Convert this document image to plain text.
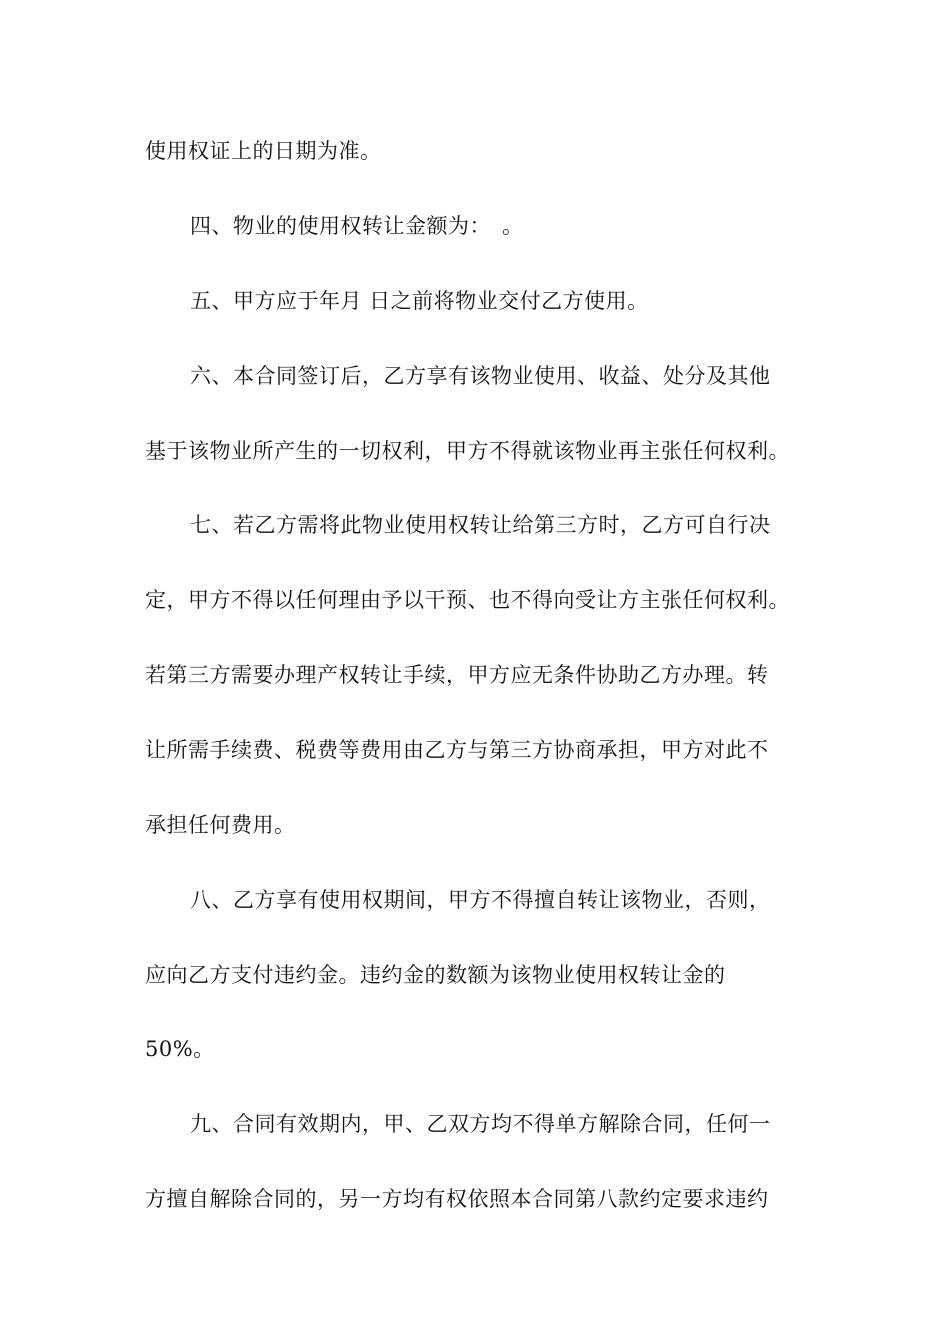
使用权证上的日期为准。
四、物业的使用权转让金额为：　。
五、甲方应于年月 日之前将物业交付乙方使用。
六、本合同签订后，乙方享有该物业使用、收益、处分及其他
基于该物业所产生的一切权利，甲方不得就该物业再主张任何权利。
七、若乙方需将此物业使用权转让给第三方时，乙方可自行决
定，甲方不得以任何理由予以干预、也不得向受让方主张任何权利。
若第三方需要办理产权转让手续，甲方应无条件协助乙方办理。转
让所需手续费、税费等费用由乙方与第三方协商承担，甲方对此不
承担任何费用。
八、乙方享有使用权期间，甲方不得擅自转让该物业，否则，
应向乙方支付违约金。违约金的数额为该物业使用权转让金的
50%。
九、合同有效期内，甲、乙双方均不得单方解除合同，任何一
方擅自解除合同的，另一方均有权依照本合同第八款约定要求违约
